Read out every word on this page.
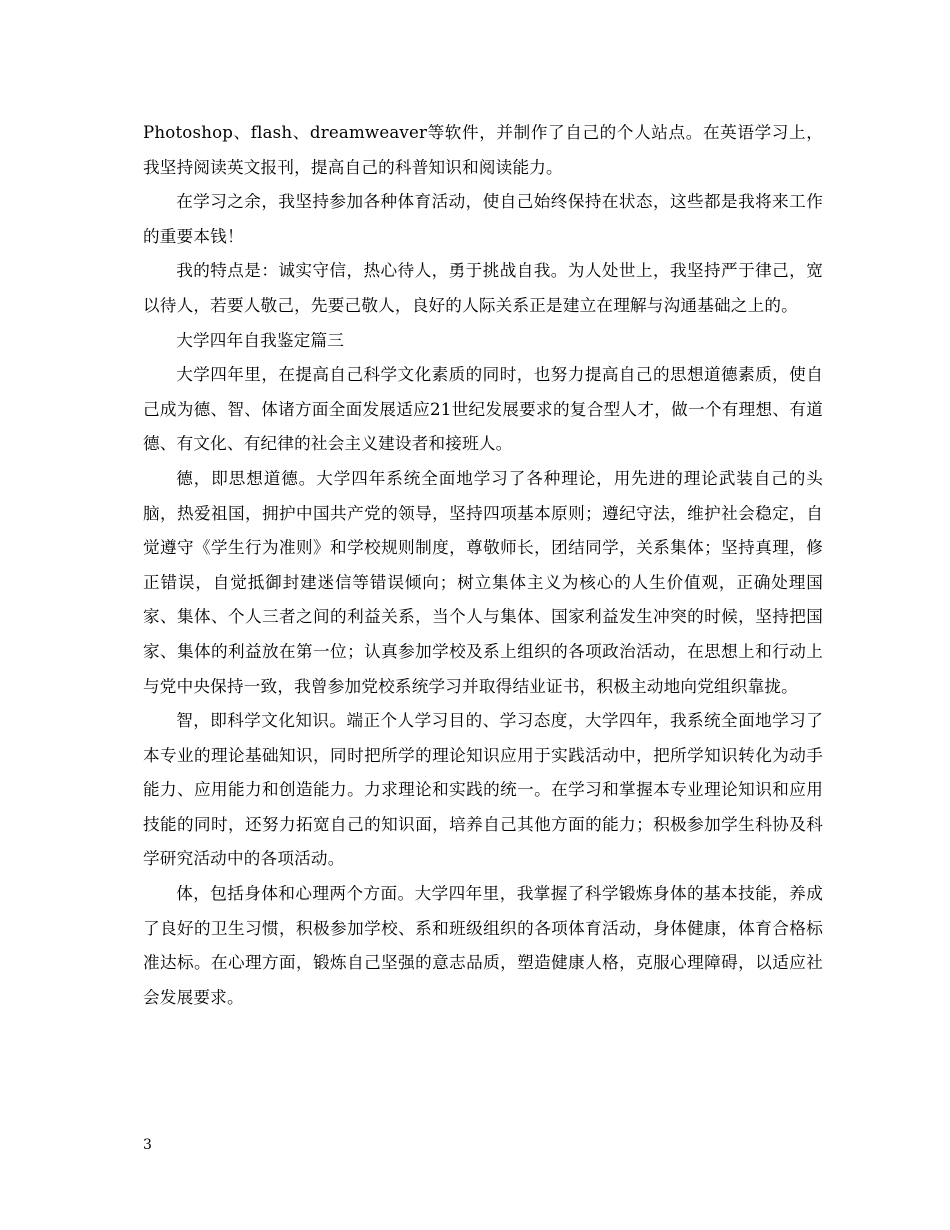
Photoshop、flash、dreamweaver等软件，并制作了自己的个人站点。在英语学习上，我坚持阅读英文报刊，提高自己的科普知识和阅读能力。

在学习之余，我坚持参加各种体育活动，使自己始终保持在状态，这些都是我将来工作的重要本钱！

我的特点是：诚实守信，热心待人，勇于挑战自我。为人处世上，我坚持严于律己，宽以待人，若要人敬己，先要己敬人，良好的人际关系正是建立在理解与沟通基础之上的。

大学四年自我鉴定篇三

大学四年里，在提高自己科学文化素质的同时，也努力提高自己的思想道德素质，使自己成为德、智、体诸方面全面发展适应21世纪发展要求的复合型人才，做一个有理想、有道德、有文化、有纪律的社会主义建设者和接班人。

德，即思想道德。大学四年系统全面地学习了各种理论，用先进的理论武装自己的头脑，热爱祖国，拥护中国共产党的领导，坚持四项基本原则；遵纪守法，维护社会稳定，自觉遵守《学生行为准则》和学校规则制度，尊敬师长，团结同学，关系集体；坚持真理，修正错误，自觉抵御封建迷信等错误倾向；树立集体主义为核心的人生价值观，正确处理国家、集体、个人三者之间的利益关系，当个人与集体、国家利益发生冲突的时候，坚持把国家、集体的利益放在第一位；认真参加学校及系上组织的各项政治活动，在思想上和行动上与党中央保持一致，我曾参加党校系统学习并取得结业证书，积极主动地向党组织靠拢。

智，即科学文化知识。端正个人学习目的、学习态度，大学四年，我系统全面地学习了本专业的理论基础知识，同时把所学的理论知识应用于实践活动中，把所学知识转化为动手能力、应用能力和创造能力。力求理论和实践的统一。在学习和掌握本专业理论知识和应用技能的同时，还努力拓宽自己的知识面，培养自己其他方面的能力；积极参加学生科协及科学研究活动中的各项活动。

体，包括身体和心理两个方面。大学四年里，我掌握了科学锻炼身体的基本技能，养成了良好的卫生习惯，积极参加学校、系和班级组织的各项体育活动，身体健康，体育合格标准达标。在心理方面，锻炼自己坚强的意志品质，塑造健康人格，克服心理障碍，以适应社会发展要求。

3
